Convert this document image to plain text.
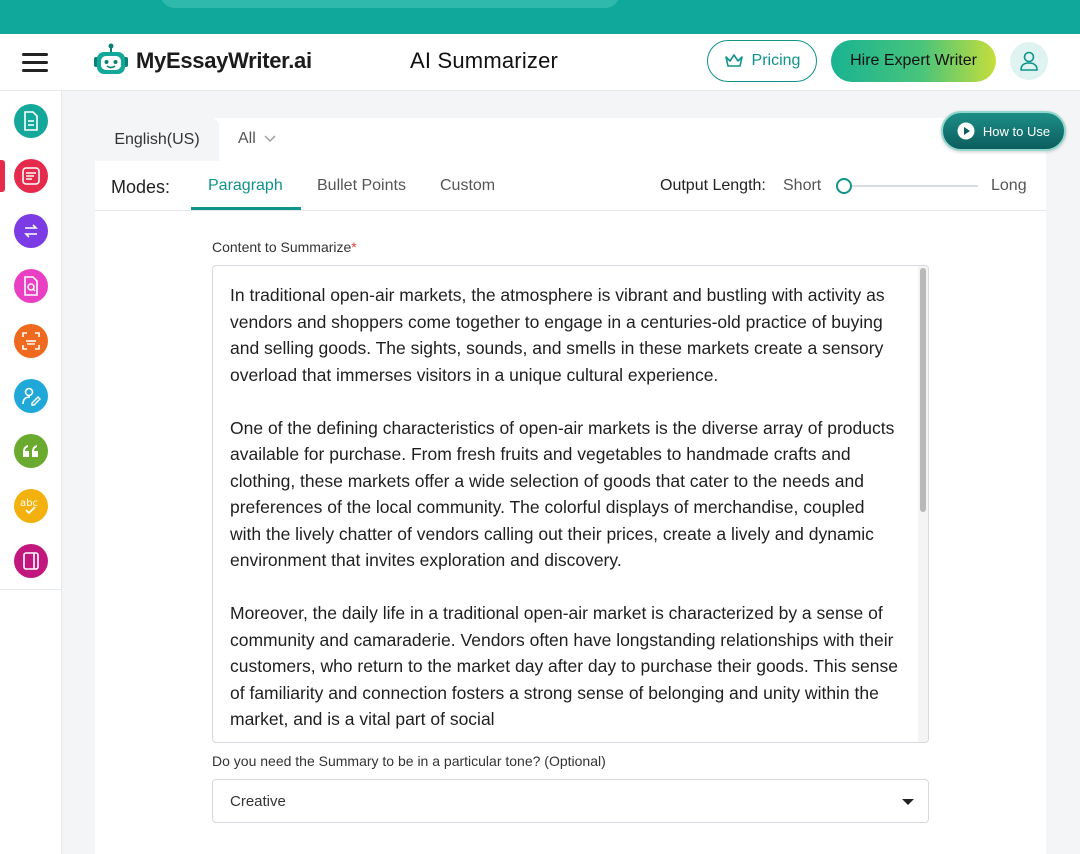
MyEssayWriter.ai	AI Summarizer	Pricing	Hire Expert Writer
abc
English(US) All
Modes: Paragraph Bullet Points Custom	Output Length: Short	Long
Content to Summarize*

In traditional open-air markets, the atmosphere is vibrant and bustling with activity as vendors and shoppers come together to engage in a centuries-old practice of buying and selling goods. The sights, sounds, and smells in these markets create a sensory overload that immerses visitors in a unique cultural experience.

One of the defining characteristics of open-air markets is the diverse array of products available for purchase. From fresh fruits and vegetables to handmade crafts and clothing, these markets offer a wide selection of goods that cater to the needs and preferences of the local community. The colorful displays of merchandise, coupled with the lively chatter of vendors calling out their prices, create a lively and dynamic environment that invites exploration and discovery.

Moreover, the daily life in a traditional open-air market is characterized by a sense of community and camaraderie. Vendors often have longstanding relationships with their customers, who return to the market day after day to purchase their goods. This sense of familiarity and connection fosters a strong sense of belonging and unity within the market, and is a vital part of social

Do you need the Summary to be in a particular tone? (Optional)
Creative
How to Use
